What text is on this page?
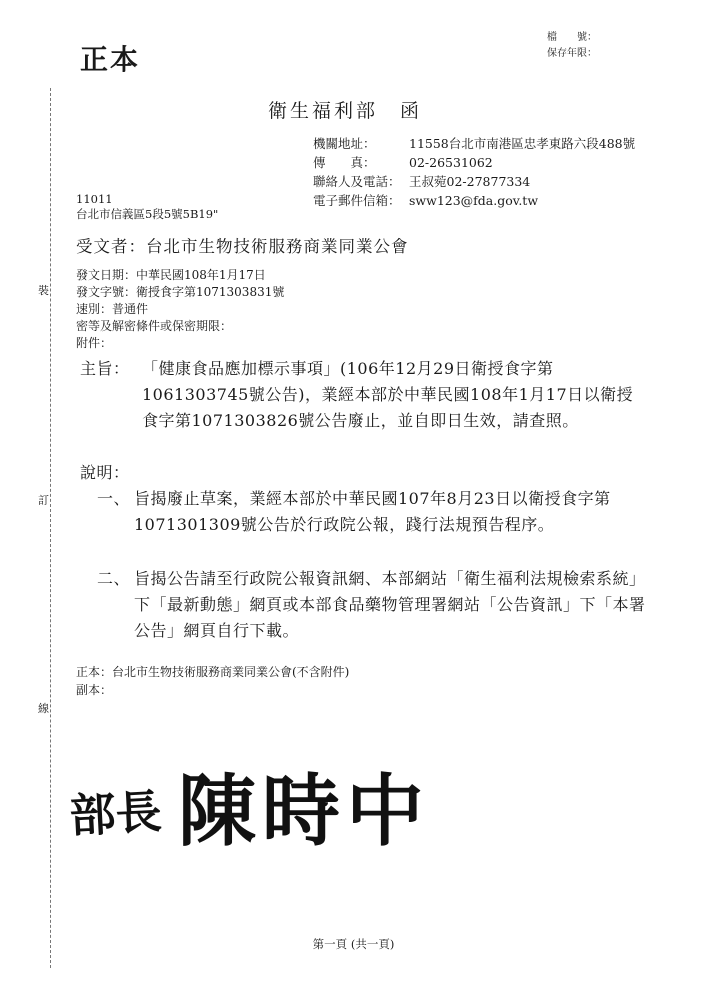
裝
訂
線
正本
檔　　號：
保存年限：
衛生福利部　函
機關地址：	11558台北市南港區忠孝東路六段488號
傳　　真：	02-26531062
聯絡人及電話： 王叔菀02-27877334
電子郵件信箱： sww123@fda.gov.tw
11011
台北市信義區5段5號5B19"
受文者：台北市生物技術服務商業同業公會
發文日期：中華民國108年1月17日
發文字號：衛授食字第1071303831號
速別：普通件
密等及解密條件或保密期限：
附件：
主旨： 「健康食品應加標示事項」(106年12月29日衛授食字第1061303745號公告)，業經本部於中華民國108年1月17日以衛授食字第1071303826號公告廢止，並自即日生效，請查照。
說明：
一、 旨揭廢止草案，業經本部於中華民國107年8月23日以衛授食字第1071301309號公告於行政院公報，踐行法規預告程序。
二、 旨揭公告請至行政院公報資訊網、本部網站「衛生福利法規檢索系統」下「最新動態」網頁或本部食品藥物管理署網站「公告資訊」下「本署公告」網頁自行下載。
正本：台北市生物技術服務商業同業公會(不含附件)
副本：
部長 陳時中
第一頁 (共一頁)
